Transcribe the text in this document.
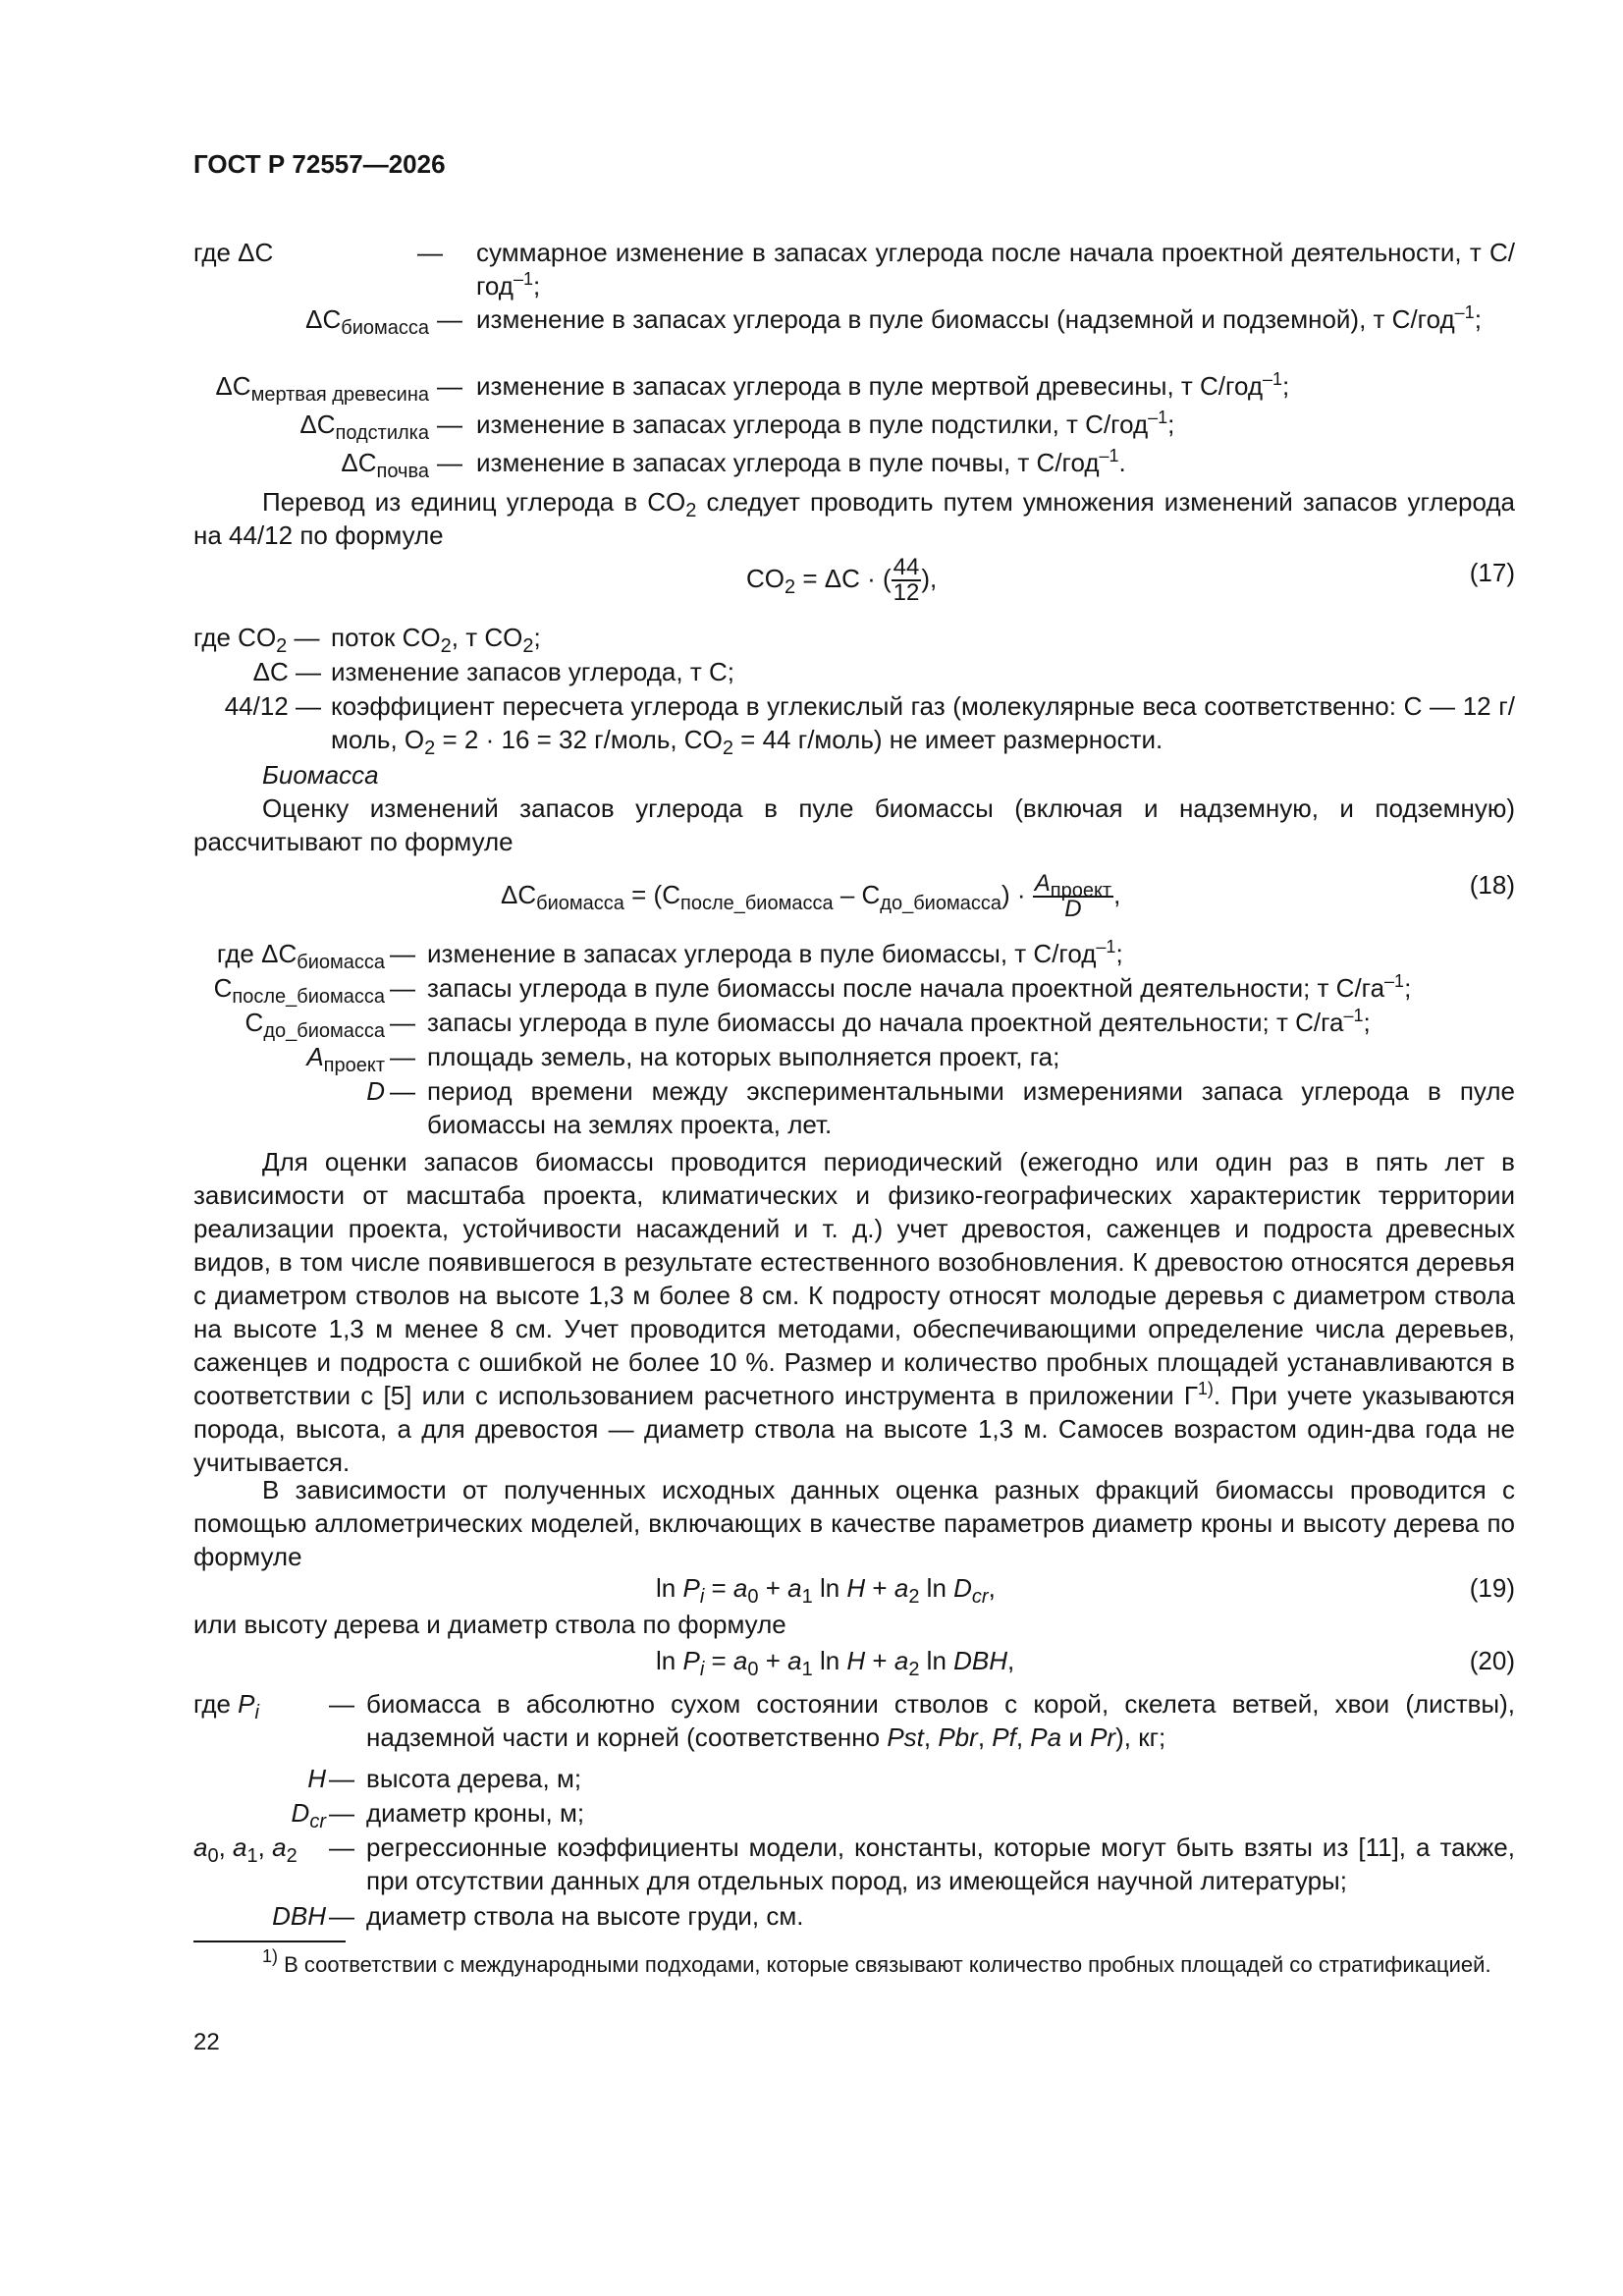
ГОСТ Р 72557—2026
где ΔC	— суммарное изменение в запасах углерода после начала проектной деятельности, т С/год$^{-1}$;
$\Delta C_{биомасса}$ — изменение в запасах углерода в пуле биомассы (надземной и подземной), т С/год$^{-1}$;
$\Delta C_{мертвая древесина}$ — изменение в запасах углерода в пуле мертвой древесины, т С/год$^{-1}$;
$\Delta C_{подстилка}$ — изменение в запасах углерода в пуле подстилки, т С/год$^{-1}$;
$\Delta C_{почва}$ — изменение в запасах углерода в пуле почвы, т С/год$^{-1}$.
Перевод из единиц углерода в $CO_2$ следует проводить путем умножения изменений запасов углерода на 44/12 по формуле
$CO_2 = \Delta C$ · ( $\frac{44}{12}$ ),	(17)
где $CO_2$ — поток $CO_2$, т $CO_2$;
ΔC — изменение запасов углерода, т С;
44/12 — коэффициент пересчета углерода в углекислый газ (молекулярные веса соответственно: С — 12 г/моль, $O_2 = 2 \cdot 16 = 32$ г/моль, $CO_2 = 44$ г/моль) не имеет размерности.
Биомасса
Оценку изменений запасов углерода в пуле биомассы (включая и надземную, и подземную) рассчитывают по формуле
$\Delta C_{биомасса} = (C_{после\_биомасса} - C_{до\_биомасса}) \cdot \frac{A_{проект}}{D}$ ,	(18)
где $\Delta C_{биомасса}$ — изменение в запасах углерода в пуле биомассы, т С/год$^{-1}$;
$C_{после\_биомасса}$ — запасы углерода в пуле биомассы после начала проектной деятельности; т $С/га^{-1}$;
$C_{до\_биомасса}$ — запасы углерода в пуле биомассы до начала проектной деятельности; т $С/га^{-1}$;
$A_{проект}$ — площадь земель, на которых выполняется проект, га;
D — период времени между экспериментальными измерениями запаса углерода в пуле биомассы на землях проекта, лет.
Для оценки запасов биомассы проводится периодический (ежегодно или один раз в пять лет в зависимости от масштаба проекта, климатических и физико-географических характеристик территории реализации проекта, устойчивости насаждений и т. д.) учет древостоя, саженцев и подроста древесных видов, в том числе появившегося в результате естественного возобновления. К древостою относятся деревья с диаметром стволов на высоте 1,3 м более 8 см. К подросту относят молодые деревья с диаметром ствола на высоте 1,3 м менее 8 см. Учет проводится методами, обеспечивающими определение числа деревьев, саженцев и подроста с ошибкой не более 10 %. Размер и количество пробных площадей устанавливаются в соответствии с [5] или с использованием расчетного инструмента в приложении $Г^{1)}$. При учете указываются порода, высота, а для древостоя — диаметр ствола на высоте 1,3 м. Самосев возрастом один-два года не учитывается.
В зависимости от полученных исходных данных оценка разных фракций биомассы проводится с помощью аллометрических моделей, включающих в качестве параметров диаметр кроны и высоту дерева по формуле
$\ln P_i = a_0 + a_1$ $\ln H + a_2$ $\ln D_{cr}$,	(19)
или высоту дерева и диаметр ствола по формуле
$\ln P_i = a_0 + a_1$ $\ln H + a_2$ ln DBH,	(20)
где $P_i$	— биомасса в абсолютно сухом состоянии стволов с корой, скелета ветвей, хвои (листвы), надземной части и корней (соответственно Pst, Pbr, Pf, Pa и Pr), кг;
H — высота дерева, м;
$D_{cr}$ — диаметр кроны, м;
$a_0$, $a_1$, $a_2$ — регрессионные коэффициенты модели, константы, которые могут быть взяты из [11], а также, при отсутствии данных для отдельных пород, из имеющейся научной литературы;
DBH — диаметр ствола на высоте груди, см.
$^{1)}$ В соответствии с международными подходами, которые связывают количество пробных площадей со стратификацией.
22
